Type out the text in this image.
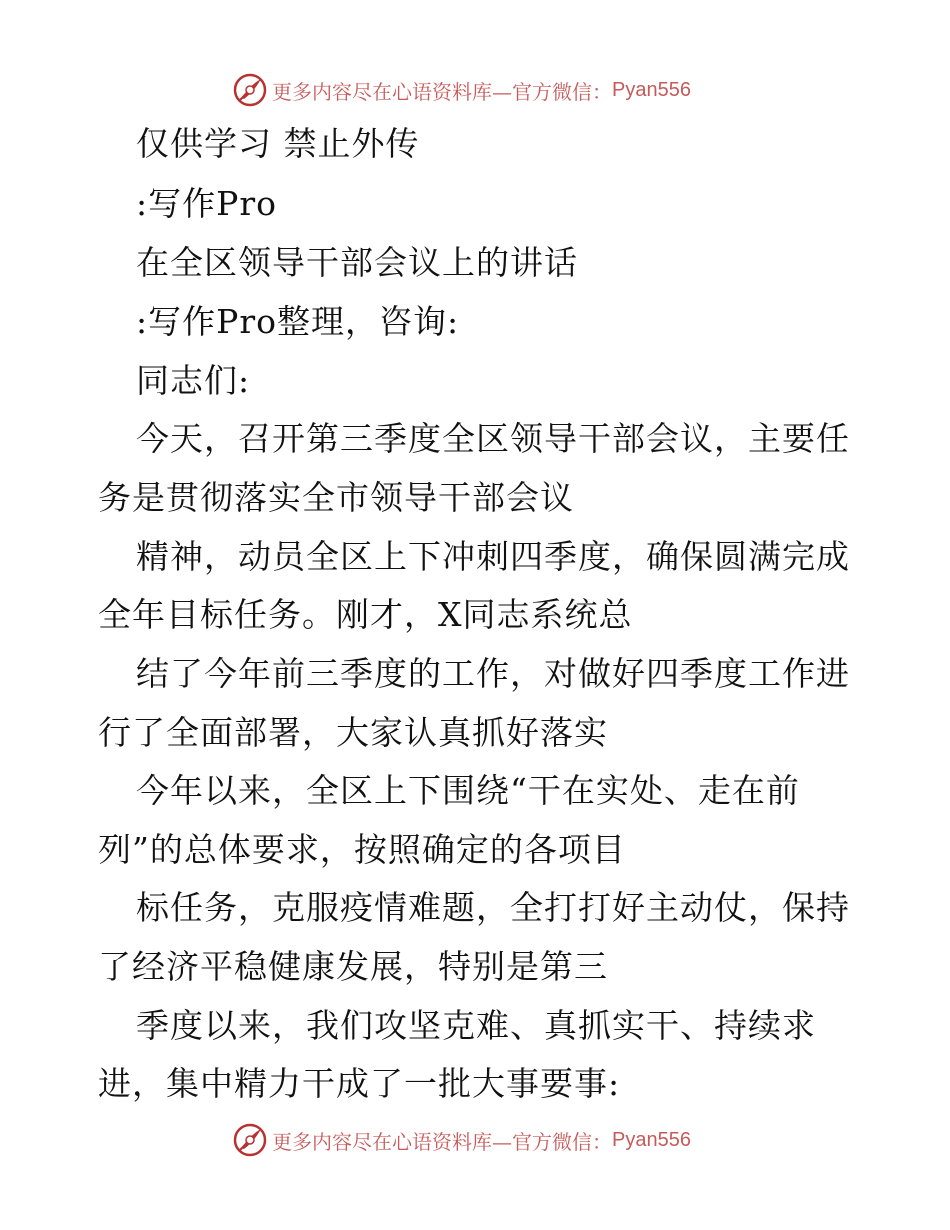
更多内容尽在心语资料库—官方微信： Pyan556
仅供学习 禁止外传
:写作Pro
在全区领导干部会议上的讲话
:写作Pro整理，咨询:
同志们:
今天，召开第三季度全区领导干部会议，主要任
务是贯彻落实全市领导干部会议
精神，动员全区上下冲刺四季度，确保圆满完成
全年目标任务。刚才，X同志系统总
结了今年前三季度的工作，对做好四季度工作进
行了全面部署，大家认真抓好落实
今年以来，全区上下围绕“干在实处、走在前
列”的总体要求，按照确定的各项目
标任务，克服疫情难题，全打打好主动仗，保持
了经济平稳健康发展，特别是第三
季度以来，我们攻坚克难、真抓实干、持续求
进，集中精力干成了一批大事要事:
更多内容尽在心语资料库—官方微信： Pyan556
